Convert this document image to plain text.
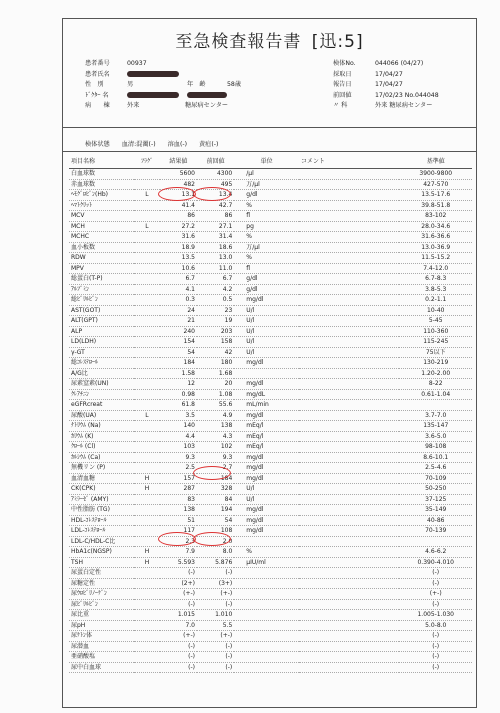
至急検査報告書 [迅:5]
患者番号	00937
患者氏名
性　別	男	年　齢	58歳
ﾄﾞｸﾀｰ 名
病　　棟	外来	糖尿病センター
検体No.	044066 (04/27)
採取日	17/04/27
報告日	17/04/27
前回値	17/02/23 No.044048
〃 科	外来 糖尿病センター
検体状態 血清:混濁(-) 溶血(-) 黄疸(-)
項目名称	ﾌﾗｸﾞ	結果値	前回値	単位	コメント	基準値
白血球数		5600	4300	/μl		3900-9800
赤血球数		482	495	万/μl		427-570
ﾍﾓｸﾞﾛﾋﾞﾝ(Hb)	L	13.1	13.4	g/dl		13.5-17.6
ﾍﾏﾄｸﾘｯﾄ		41.4	42.7	%		39.8-51.8
MCV		86	86	fl		83-102
MCH	L	27.2	27.1	pg		28.0-34.6
MCHC		31.6	31.4	%		31.6-36.6
血小板数		18.9	18.6	万/μl		13.0-36.9
RDW		13.5	13.0	%		11.5-15.2
MPV		10.6	11.0	fl		7.4-12.0
総蛋白(T-P)		6.7	6.7	g/dl		6.7-8.3
ｱﾙﾌﾞﾐﾝ		4.1	4.2	g/dl		3.8-5.3
総ﾋﾞﾘﾙﾋﾞﾝ		0.3	0.5	mg/dl		0.2-1.1
AST(GOT)		24	23	U/l		10-40
ALT(GPT)		21	19	U/l		5-45
ALP		240	203	U/l		110-360
LD(LDH)		154	158	U/l		115-245
γ-GT		54	42	U/l		75以下
総ｺﾚｽﾃﾛｰﾙ		184	180	mg/dl		130-219
A/G比		1.58	1.68			1.20-2.00
尿素窒素(UN)		12	20	mg/dl		8-22
ｸﾚｱﾁﾆﾝ		0.98	1.08	mg/dL		0.61-1.04
eGFRcreat		61.8	55.6	mL/min		
尿酸(UA)	L	3.5	4.9	mg/dl		3.7-7.0
ﾅﾄﾘｳﾑ (Na)		140	138	mEq/l		135-147
ｶﾘｳﾑ (K)		4.4	4.3	mEq/l		3.6-5.0
ｸﾛｰﾙ (Cl)		103	102	mEq/l		98-108
ｶﾙｼｳﾑ (Ca)		9.3	9.3	mg/dl		8.6-10.1
無機リン (P)		2.5	2.7	mg/dl		2.5-4.6
血清血糖	H	157	184	mg/dl		70-109
CK(CPK)	H	287	328	U/l		50-250
ｱﾐﾗｰｾﾞ (AMY)		83	84	U/l		37-125
中性脂肪 (TG)		138	194	mg/dl		35-149
HDL-ｺﾚｽﾃﾛｰﾙ		51	54	mg/dl		40-86
LDL-ｺﾚｽﾃﾛｰﾙ		117	108	mg/dl		70-139
LDL-C/HDL-C比		2.3	2.0			
HbA1c(NGSP)	H	7.9	8.0	%		4.6-6.2
TSH	H	5.593	5.876	μIU/ml		0.390-4.010
尿蛋白定性		(-)	(-)			(-)
尿糖定性		(2+)	(3+)			(-)
尿ｳﾛﾋﾞﾘﾉｰｹﾞﾝ		(+-)	(+-)			(+-)
尿ﾋﾞﾘﾙﾋﾞﾝ		(-)	(-)			(-)
尿比重		1.015	1.010			1.005-1.030
尿pH		7.0	5.5			5.0-8.0
尿ｹﾄﾝ体		(+-)	(+-)			(-)
尿潜血		(-)	(-)			(-)
亜硝酸塩		(-)	(-)			(-)
尿中白血球		(-)	(-)			(-)
